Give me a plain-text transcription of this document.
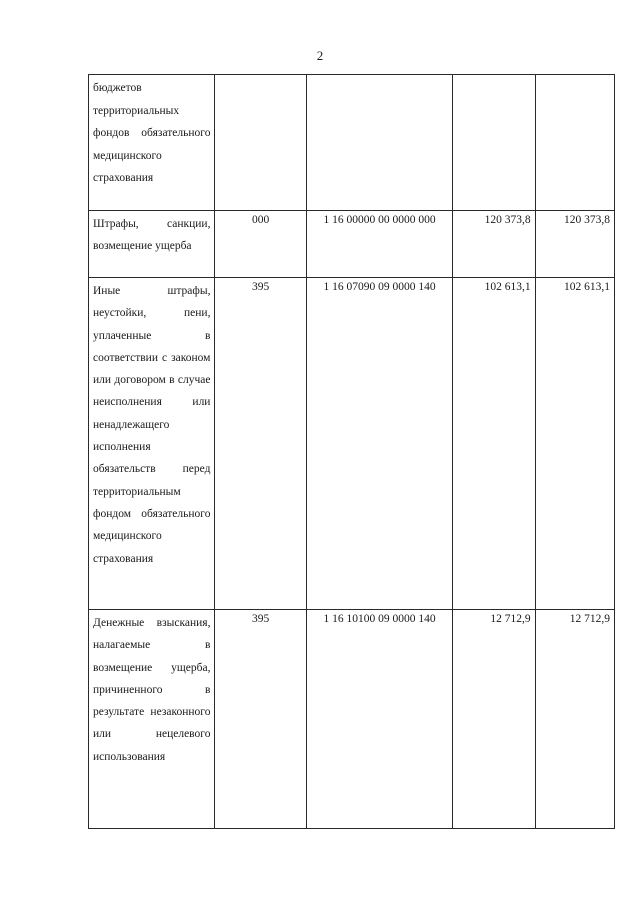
2
бюджетов территориальных фондов обязательного медицинского страхования				
Штрафы, санкции, возмещение ущерба	000	1 16 00000 00 0000 000	120 373,8	120 373,8
Иные штрафы, неустойки, пени, уплаченные в соответствии с законом или договором в случае неисполнения или ненадлежащего исполнения обязательств перед территориальным фондом обязательного медицинского страхования	395	1 16 07090 09 0000 140	102 613,1	102 613,1
Денежные взыскания, налагаемые в возмещение ущерба, причиненного в результате незаконного или нецелевого использования	395	1 16 10100 09 0000 140	12 712,9	12 712,9
